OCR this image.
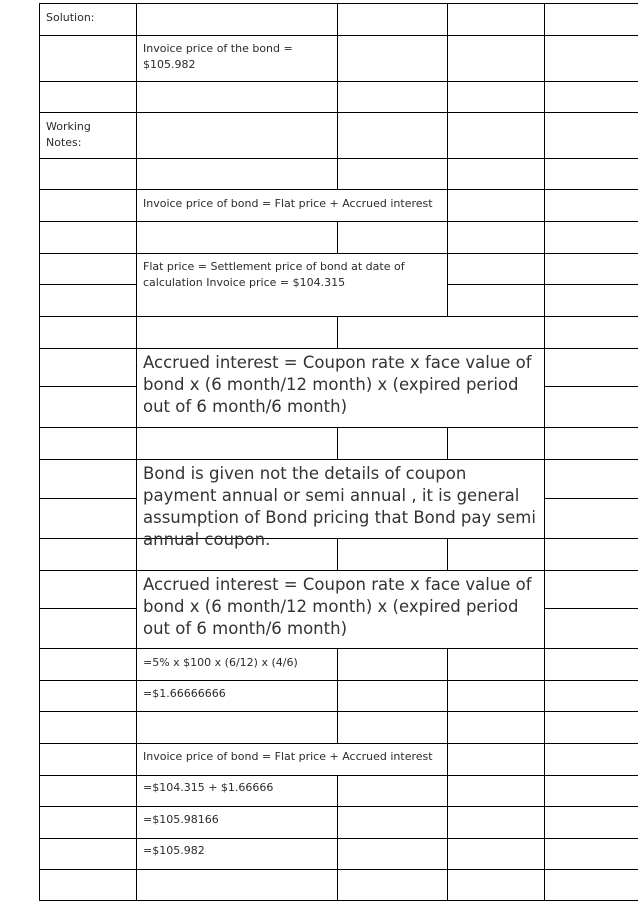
Solution:
Invoice price of the bond = $105.982
Working Notes:
Invoice price of bond = Flat price + Accrued interest
Flat price = Settlement price of bond at date of calculation Invoice price = $104.315
Accrued interest = Coupon rate x face value of bond x (6 month/12 month) x (expired period out of 6 month/6 month)
Bond is given not the details of coupon payment annual or semi annual , it is general assumption of Bond pricing that Bond pay semi annual coupon.
Accrued interest = Coupon rate x face value of bond x (6 month/12 month) x (expired period out of 6 month/6 month)
=5% x $100 x (6/12) x (4/6)
=$1.66666666
Invoice price of bond = Flat price + Accrued interest
=$104.315 + $1.66666
=$105.98166
=$105.982
